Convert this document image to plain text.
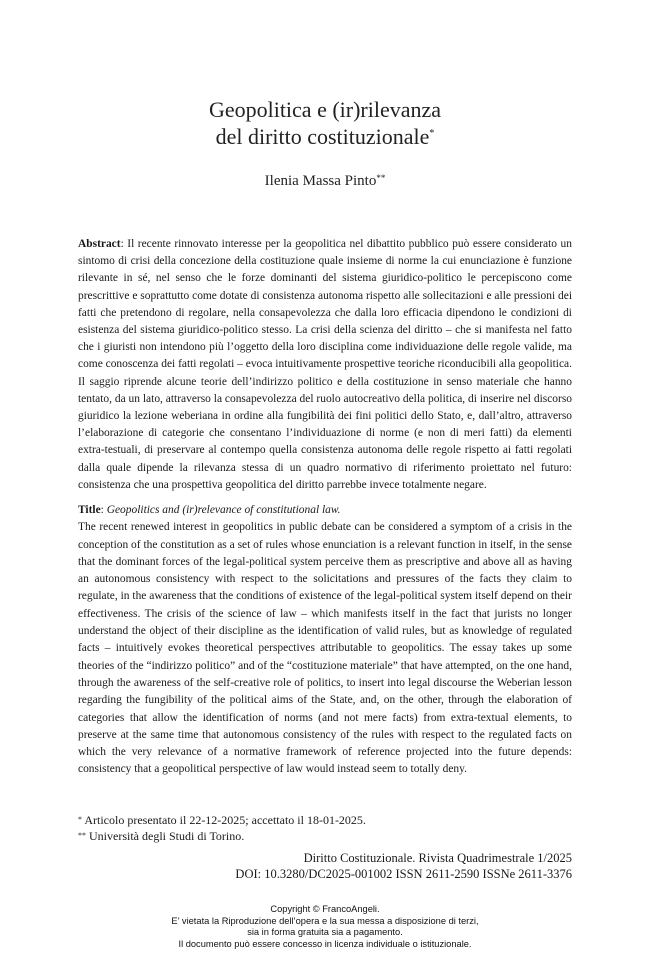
Geopolitica e (ir)rilevanza
del diritto costituzionale*
Ilenia Massa Pinto**
Abstract: Il recente rinnovato interesse per la geopolitica nel dibattito pubblico può essere considerato un sintomo di crisi della concezione della costituzione quale insieme di norme la cui enunciazione è funzione rilevante in sé, nel senso che le forze dominanti del sistema giuridico-politico le percepiscono come prescrittive e soprattutto come dotate di consistenza autonoma rispetto alle sollecitazioni e alle pressioni dei fatti che pretendono di regolare, nella consapevolezza che dalla loro efficacia dipendono le condizioni di esistenza del sistema giuridico-politico stesso. La crisi della scienza del diritto – che si manifesta nel fatto che i giuristi non intendono più l’oggetto della loro disciplina come individuazione delle regole valide, ma come conoscenza dei fatti regolati – evoca intuitivamente prospettive teoriche riconducibili alla geopolitica. Il saggio riprende alcune teorie dell’indirizzo politico e della costituzione in senso materiale che hanno tentato, da un lato, attraverso la consapevolezza del ruolo autocreativo della politica, di inserire nel discorso giuridico la lezione weberiana in ordine alla fungibilità dei fini politici dello Stato, e, dall’altro, attraverso l’elaborazione di categorie che consentano l’individuazione di norme (e non di meri fatti) da elementi extra-testuali, di preservare al contempo quella consistenza autonoma delle regole rispetto ai fatti regolati dalla quale dipende la rilevanza stessa di un quadro normativo di riferimento proiettato nel futuro: consistenza che una prospettiva geopolitica del diritto parrebbe invece totalmente negare.
Title: Geopolitics and (ir)relevance of constitutional law.
The recent renewed interest in geopolitics in public debate can be considered a symptom of a crisis in the conception of the constitution as a set of rules whose enunciation is a relevant function in itself, in the sense that the dominant forces of the legal-political system perceive them as prescriptive and above all as having an autonomous consistency with respect to the solicitations and pressures of the facts they claim to regulate, in the awareness that the conditions of existence of the legal-political system itself depend on their effectiveness. The crisis of the science of law – which manifests itself in the fact that jurists no longer understand the object of their discipline as the identification of valid rules, but as knowledge of regulated facts – intuitively evokes theoretical perspectives attributable to geopolitics. The essay takes up some theories of the “indirizzo politico” and of the “costituzione materiale” that have attempted, on the one hand, through the awareness of the self-creative role of politics, to insert into legal discourse the Weberian lesson regarding the fungibility of the political aims of the State, and, on the other, through the elaboration of categories that allow the identification of norms (and not mere facts) from extra-textual elements, to preserve at the same time that autonomous consistency of the rules with respect to the regulated facts on which the very relevance of a normative framework of reference projected into the future depends: consistency that a geopolitical perspective of law would instead seem to totally deny.
* Articolo presentato il 22-12-2025; accettato il 18-01-2025.
** Università degli Studi di Torino.
Diritto Costituzionale. Rivista Quadrimestrale 1/2025
DOI: 10.3280/DC2025-001002 ISSN 2611-2590 ISSNe 2611-3376
Copyright © FrancoAngeli.
E’ vietata la Riproduzione dell’opera e la sua messa a disposizione di terzi,
sia in forma gratuita sia a pagamento.
Il documento può essere concesso in licenza individuale o istituzionale.
